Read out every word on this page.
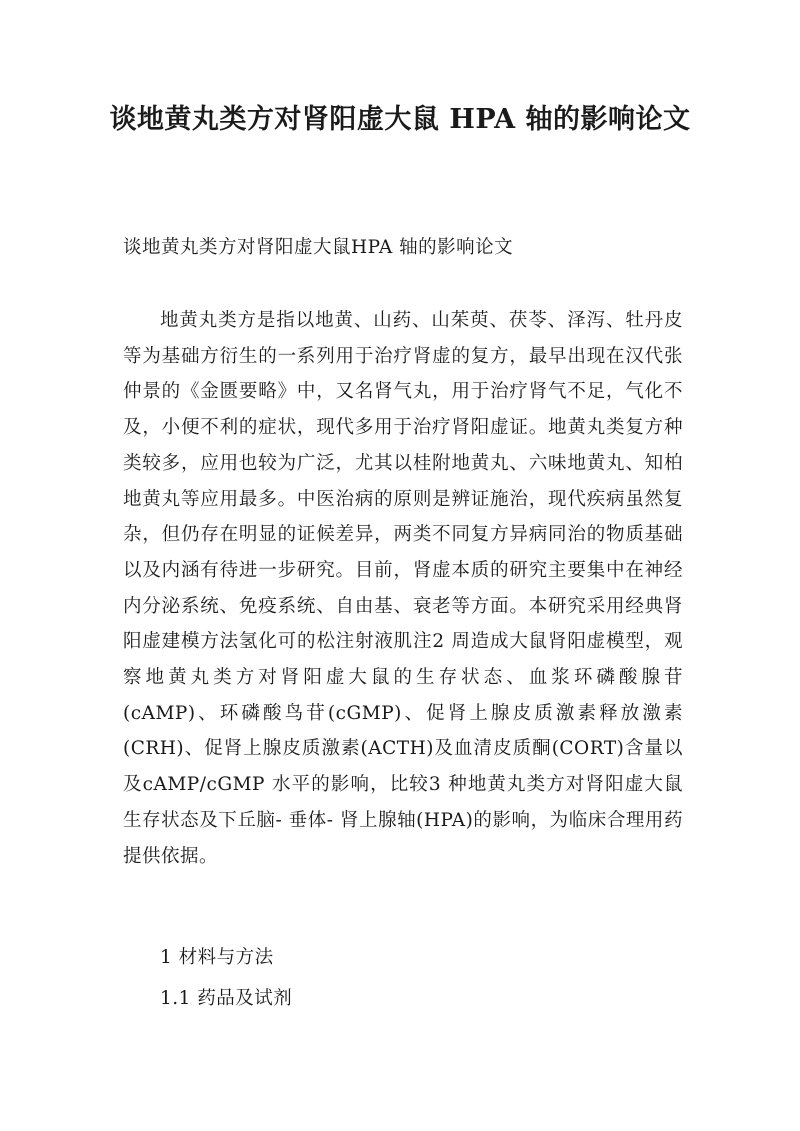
谈地黄丸类方对肾阳虚大鼠 HPA 轴的影响论文
谈地黄丸类方对肾阳虚大鼠HPA 轴的影响论文

地黄丸类方是指以地黄、山药、山茱萸、茯苓、泽泻、牡丹皮等为基础方衍生的一系列用于治疗肾虚的复方，最早出现在汉代张仲景的《金匮要略》中，又名肾气丸，用于治疗肾气不足，气化不及，小便不利的症状，现代多用于治疗肾阳虚证。地黄丸类复方种类较多，应用也较为广泛，尤其以桂附地黄丸、六味地黄丸、知柏地黄丸等应用最多。中医治病的原则是辨证施治，现代疾病虽然复杂，但仍存在明显的证候差异，两类不同复方异病同治的物质基础以及内涵有待进一步研究。目前，肾虚本质的研究主要集中在神经内分泌系统、免疫系统、自由基、衰老等方面。本研究采用经典肾阳虚建模方法氢化可的松注射液肌注2 周造成大鼠肾阳虚模型，观察地黄丸类方对肾阳虚大鼠的生存状态、血浆环磷酸腺苷(cAMP)、环磷酸鸟苷(cGMP)、促肾上腺皮质激素释放激素(CRH)、促肾上腺皮质激素(ACTH)及血清皮质酮(CORT)含量以及cAMP/cGMP 水平的影响，比较3 种地黄丸类方对肾阳虚大鼠生存状态及下丘脑- 垂体- 肾上腺轴(HPA)的影响，为临床合理用药提供依据。

1 材料与方法
1.1 药品及试剂
